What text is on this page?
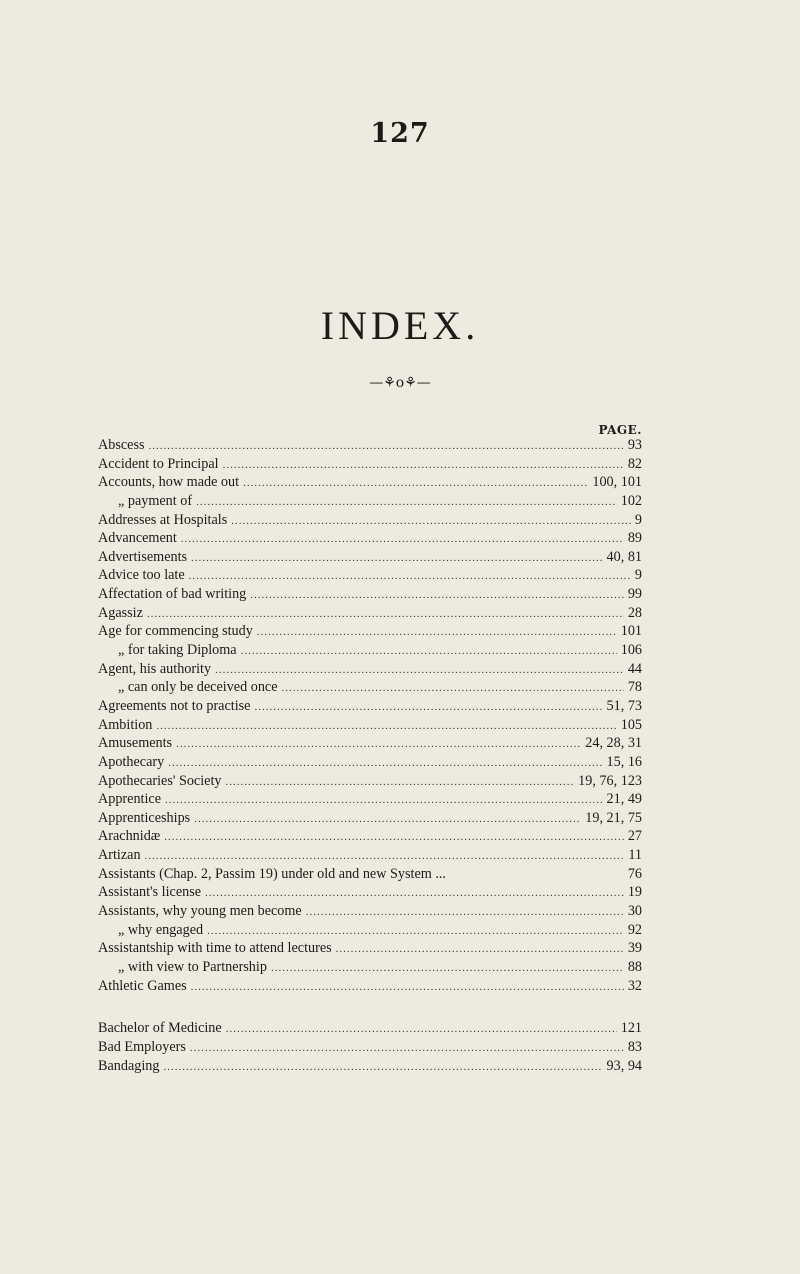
127
INDEX.
—⚘o⚘—
PAGE.
Abscess .....	93
Accident to Principal .....	82
Accounts, how made out .....	100, 101
„ payment of .....	102
Addresses at Hospitals .....	9
Advancement .....	89
Advertisements .....	40, 81
Advice too late .....	9
Affectation of bad writing .....	99
Agassiz .....	28
Age for commencing study .....	101
„ for taking Diploma .....	106
Agent, his authority .....	44
„ can only be deceived once .....	78
Agreements not to practise .....	51, 73
Ambition .....	105
Amusements .....	24, 28, 31
Apothecary .....	15, 16
Apothecaries' Society .....	19, 76, 123
Apprentice .....	21, 49
Apprenticeships .....	19, 21, 75
Arachnidæ .....	27
Artizan .....	11
Assistants (Chap. 2, Passim 19) under old and new System ...	76
Assistant's license .....	19
Assistants, why young men become .....	30
„ why engaged .....	92
Assistantship with time to attend lectures .....	39
„ with view to Partnership .....	88
Athletic Games .....	32
Bachelor of Medicine .....	121
Bad Employers .....	83
Bandaging .....	93, 94
